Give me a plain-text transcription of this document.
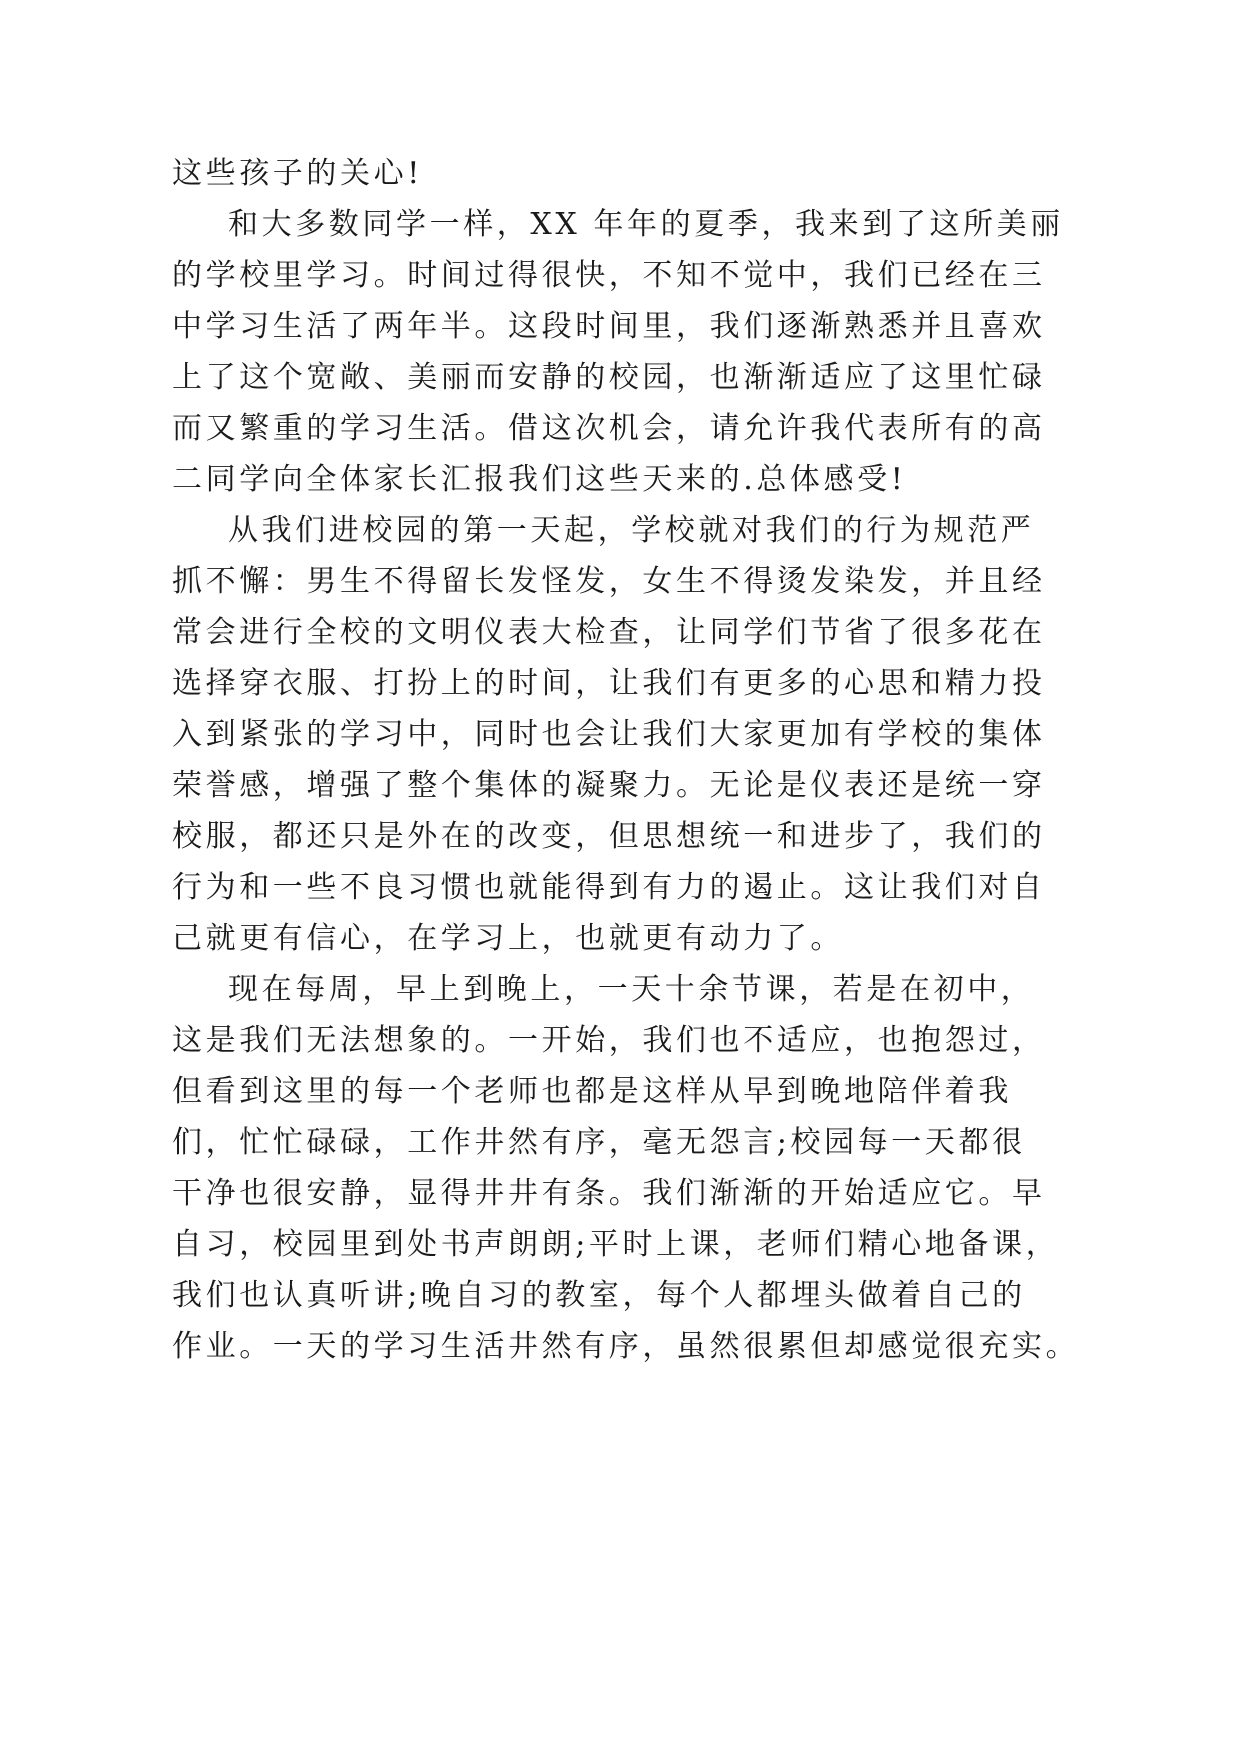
这些孩子的关心!
和大多数同学一样，XX 年年的夏季，我来到了这所美丽
的学校里学习。时间过得很快，不知不觉中，我们已经在三
中学习生活了两年半。这段时间里，我们逐渐熟悉并且喜欢
上了这个宽敞、美丽而安静的校园，也渐渐适应了这里忙碌
而又繁重的学习生活。借这次机会，请允许我代表所有的高
二同学向全体家长汇报我们这些天来的.总体感受!
从我们进校园的第一天起，学校就对我们的行为规范严
抓不懈：男生不得留长发怪发，女生不得烫发染发，并且经
常会进行全校的文明仪表大检查，让同学们节省了很多花在
选择穿衣服、打扮上的时间，让我们有更多的心思和精力投
入到紧张的学习中，同时也会让我们大家更加有学校的集体
荣誉感，增强了整个集体的凝聚力。无论是仪表还是统一穿
校服，都还只是外在的改变，但思想统一和进步了，我们的
行为和一些不良习惯也就能得到有力的遏止。这让我们对自
己就更有信心，在学习上，也就更有动力了。
现在每周，早上到晚上，一天十余节课，若是在初中，
这是我们无法想象的。一开始，我们也不适应，也抱怨过，
但看到这里的每一个老师也都是这样从早到晚地陪伴着我
们，忙忙碌碌，工作井然有序，毫无怨言;校园每一天都很
干净也很安静，显得井井有条。我们渐渐的开始适应它。早
自习，校园里到处书声朗朗;平时上课，老师们精心地备课，
我们也认真听讲;晚自习的教室，每个人都埋头做着自己的
作业。一天的学习生活井然有序，虽然很累但却感觉很充实。
